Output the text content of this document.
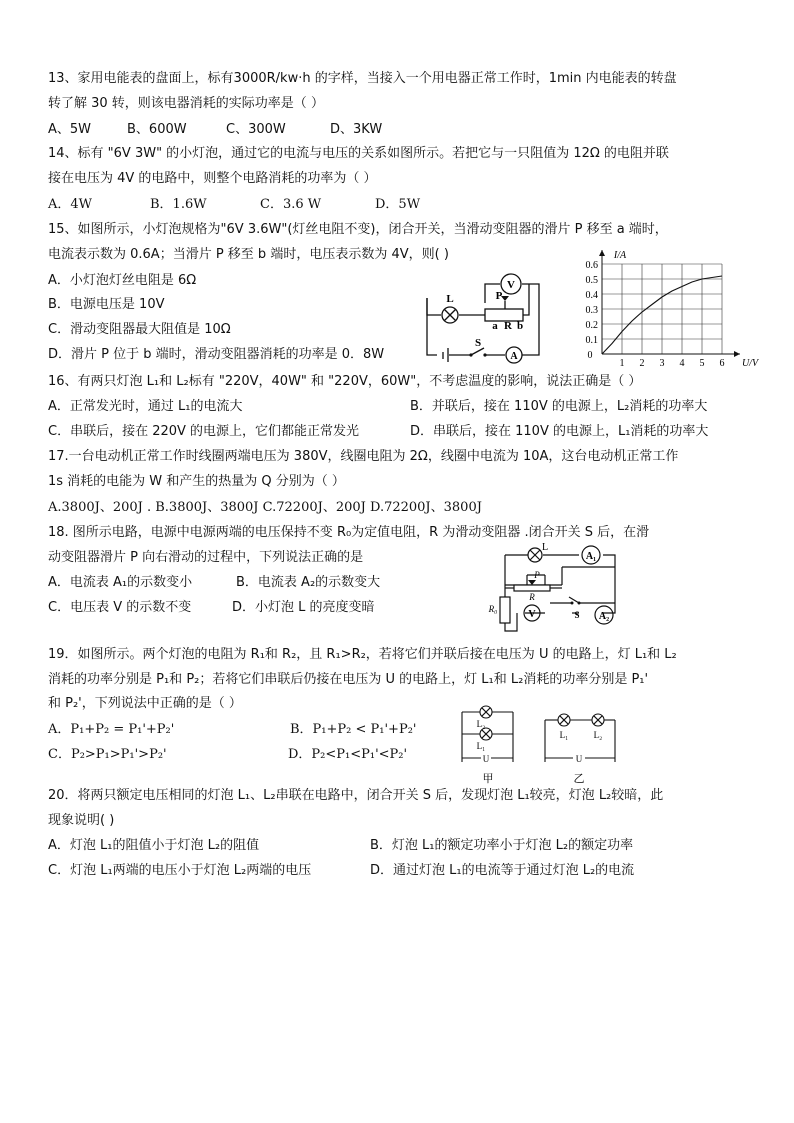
13、家用电能表的盘面上，标有3000R/kw·h 的字样，当接入一个用电器正常工作时，1min 内电能表的转盘
转了解 30 转，则该电器消耗的实际功率是（ ）
A、5W	B、600W	C、300W	D、3KW
14、标有 "6V 3W" 的小灯泡，通过它的电流与电压的关系如图所示。若把它与一只阻值为 12Ω 的电阻并联
接在电压为 4V 的电路中，则整个电路消耗的功率为（ ）
A．4W	B．1.6W	C．3.6 W	D．5W
15、如图所示，小灯泡规格为"6V 3.6W"(灯丝电阻不变)，闭合开关，当滑动变阻器的滑片 P 移至 a 端时，
电流表示数为 0.6A；当滑片 P 移至 b 端时，电压表示数为 4V，则( )
A．小灯泡灯丝电阻是 6Ω
B．电源电压是 10V
C．滑动变阻器最大阻值是 10Ω
D．滑片 P 位于 b 端时，滑动变阻器消耗的功率是 0．8W
L
V
P
a R b
S
A	0
1 2 3 4 5 6
0.1
0.2
0.3
0.4
0.5
0.6
U/V
I/A
16、有两只灯泡 L₁和 L₂标有 "220V，40W" 和 "220V，60W"，不考虑温度的影响，说法正确是（ ）
A．正常发光时，通过 L₁的电流大	B．并联后，接在 110V 的电源上，L₂消耗的功率大
C．串联后，接在 220V 的电源上，它们都能正常发光	D．串联后，接在 110V 的电源上，L₁消耗的功率大
17.一台电动机正常工作时线圈两端电压为 380V，线圈电阻为 2Ω，线圈中电流为 10A，这台电动机正常工作
1s 消耗的电能为 W 和产生的热量为 Q 分别为（ ）
A.3800J、200J . B.3800J、3800J C.72200J、200J D.72200J、3800J
18. 图所示电路，电源中电源两端的电压保持不变 R₀为定值电阻，R 为滑动变阻器 .闭合开关 S 后，在滑
动变阻器滑片 P 向右滑动的过程中，下列说法正确的是
A．电流表 A₁的示数变小	B．电流表 A₂的示数变大
C．电压表 V 的示数不变	D．小灯泡 L 的亮度变暗
L
A₁
P
R
R₀	V	S A₂
19．如图所示。两个灯泡的电阻为 R₁和 R₂，且 R₁>R₂，若将它们并联后接在电压为 U 的电路上，灯 L₁和 L₂
消耗的功率分别是 P₁和 P₂；若将它们串联后仍接在电压为 U 的电路上，灯 L₁和 L₂消耗的功率分别是 P₁'
和 P₂'，下列说法中正确的是（ ）
A．P₁+P₂ = P₁'+P₂'	B．P₁+P₂ < P₁'+P₂'
C．P₂>P₁>P₁'>P₂'	D．P₂<P₁<P₁'<P₂'
L₂
L₁
U
甲
L₁	L₂
U
乙
20．将两只额定电压相同的灯泡 L₁、L₂串联在电路中，闭合开关 S 后，发现灯泡 L₁较亮，灯泡 L₂较暗，此
现象说明( )
A．灯泡 L₁的阻值小于灯泡 L₂的阻值	B．灯泡 L₁的额定功率小于灯泡 L₂的额定功率
C．灯泡 L₁两端的电压小于灯泡 L₂两端的电压	D．通过灯泡 L₁的电流等于通过灯泡 L₂的电流
